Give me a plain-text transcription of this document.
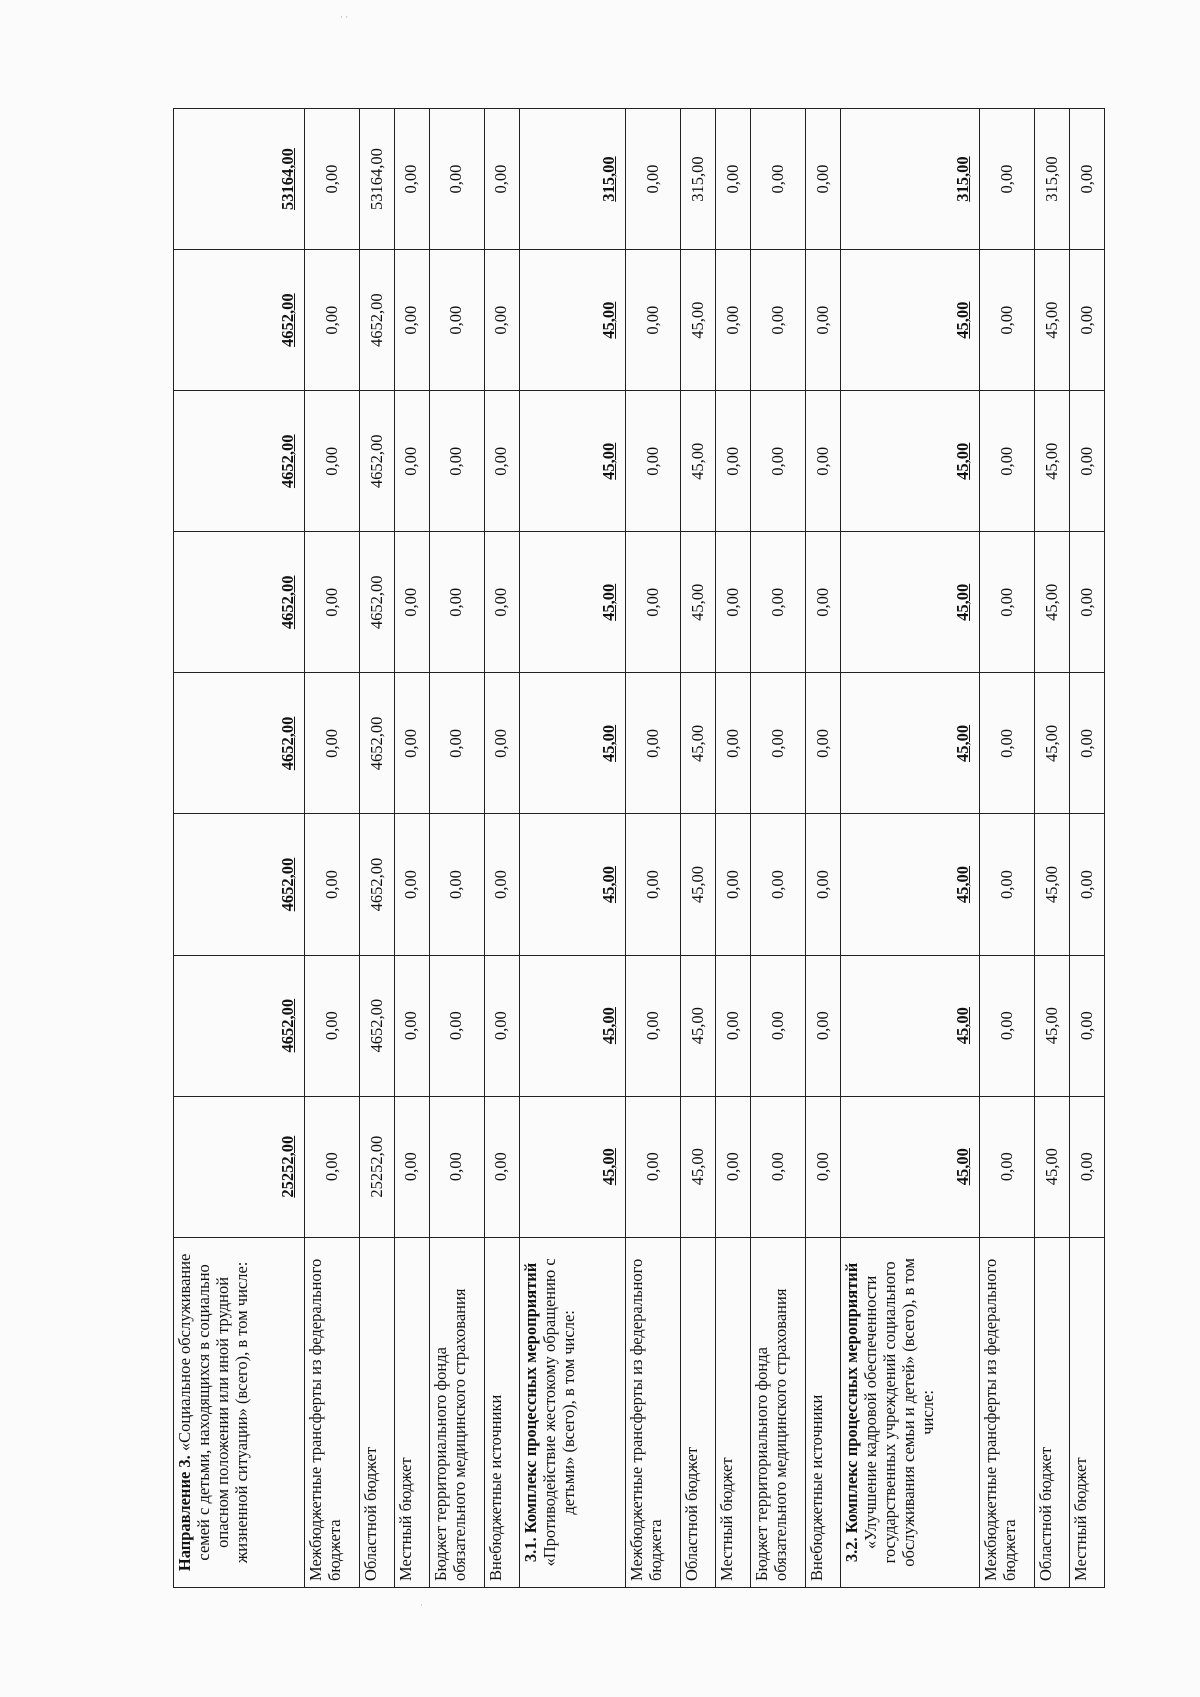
· ·
·
Направление 3. «Социальное обслуживание семей с детьми, находящихся в социально опасном положении или иной трудной жизненной ситуации» (всего), в том числе:	25252,00	4652,00	4652,00	4652,00	4652,00	4652,00	4652,00	53164,00
Межбюджетные трансферты из федерального бюджета	0,00	0,00	0,00	0,00	0,00	0,00	0,00	0,00
Областной бюджет	25252,00	4652,00	4652,00	4652,00	4652,00	4652,00	4652,00	53164,00
Местный бюджет	0,00	0,00	0,00	0,00	0,00	0,00	0,00	0,00
Бюджет территориального фонда обязательного медицинского страхования	0,00	0,00	0,00	0,00	0,00	0,00	0,00	0,00
Внебюджетные источники	0,00	0,00	0,00	0,00	0,00	0,00	0,00	0,00
3.1. Комплекс процессных мероприятий «Противодействие жестокому обращению с детьми» (всего), в том числе:	45,00	45,00	45,00	45,00	45,00	45,00	45,00	315,00
Межбюджетные трансферты из федерального бюджета	0,00	0,00	0,00	0,00	0,00	0,00	0,00	0,00
Областной бюджет	45,00	45,00	45,00	45,00	45,00	45,00	45,00	315,00
Местный бюджет	0,00	0,00	0,00	0,00	0,00	0,00	0,00	0,00
Бюджет территориального фонда обязательного медицинского страхования	0,00	0,00	0,00	0,00	0,00	0,00	0,00	0,00
Внебюджетные источники	0,00	0,00	0,00	0,00	0,00	0,00	0,00	0,00
3.2. Комплекс процессных мероприятий «Улучшение кадровой обеспеченности государственных учреждений социального обслуживания семьи и детей» (всего), в том числе:	45,00	45,00	45,00	45,00	45,00	45,00	45,00	315,00
Межбюджетные трансферты из федерального бюджета	0,00	0,00	0,00	0,00	0,00	0,00	0,00	0,00
Областной бюджет	45,00	45,00	45,00	45,00	45,00	45,00	45,00	315,00
Местный бюджет	0,00	0,00	0,00	0,00	0,00	0,00	0,00	0,00
